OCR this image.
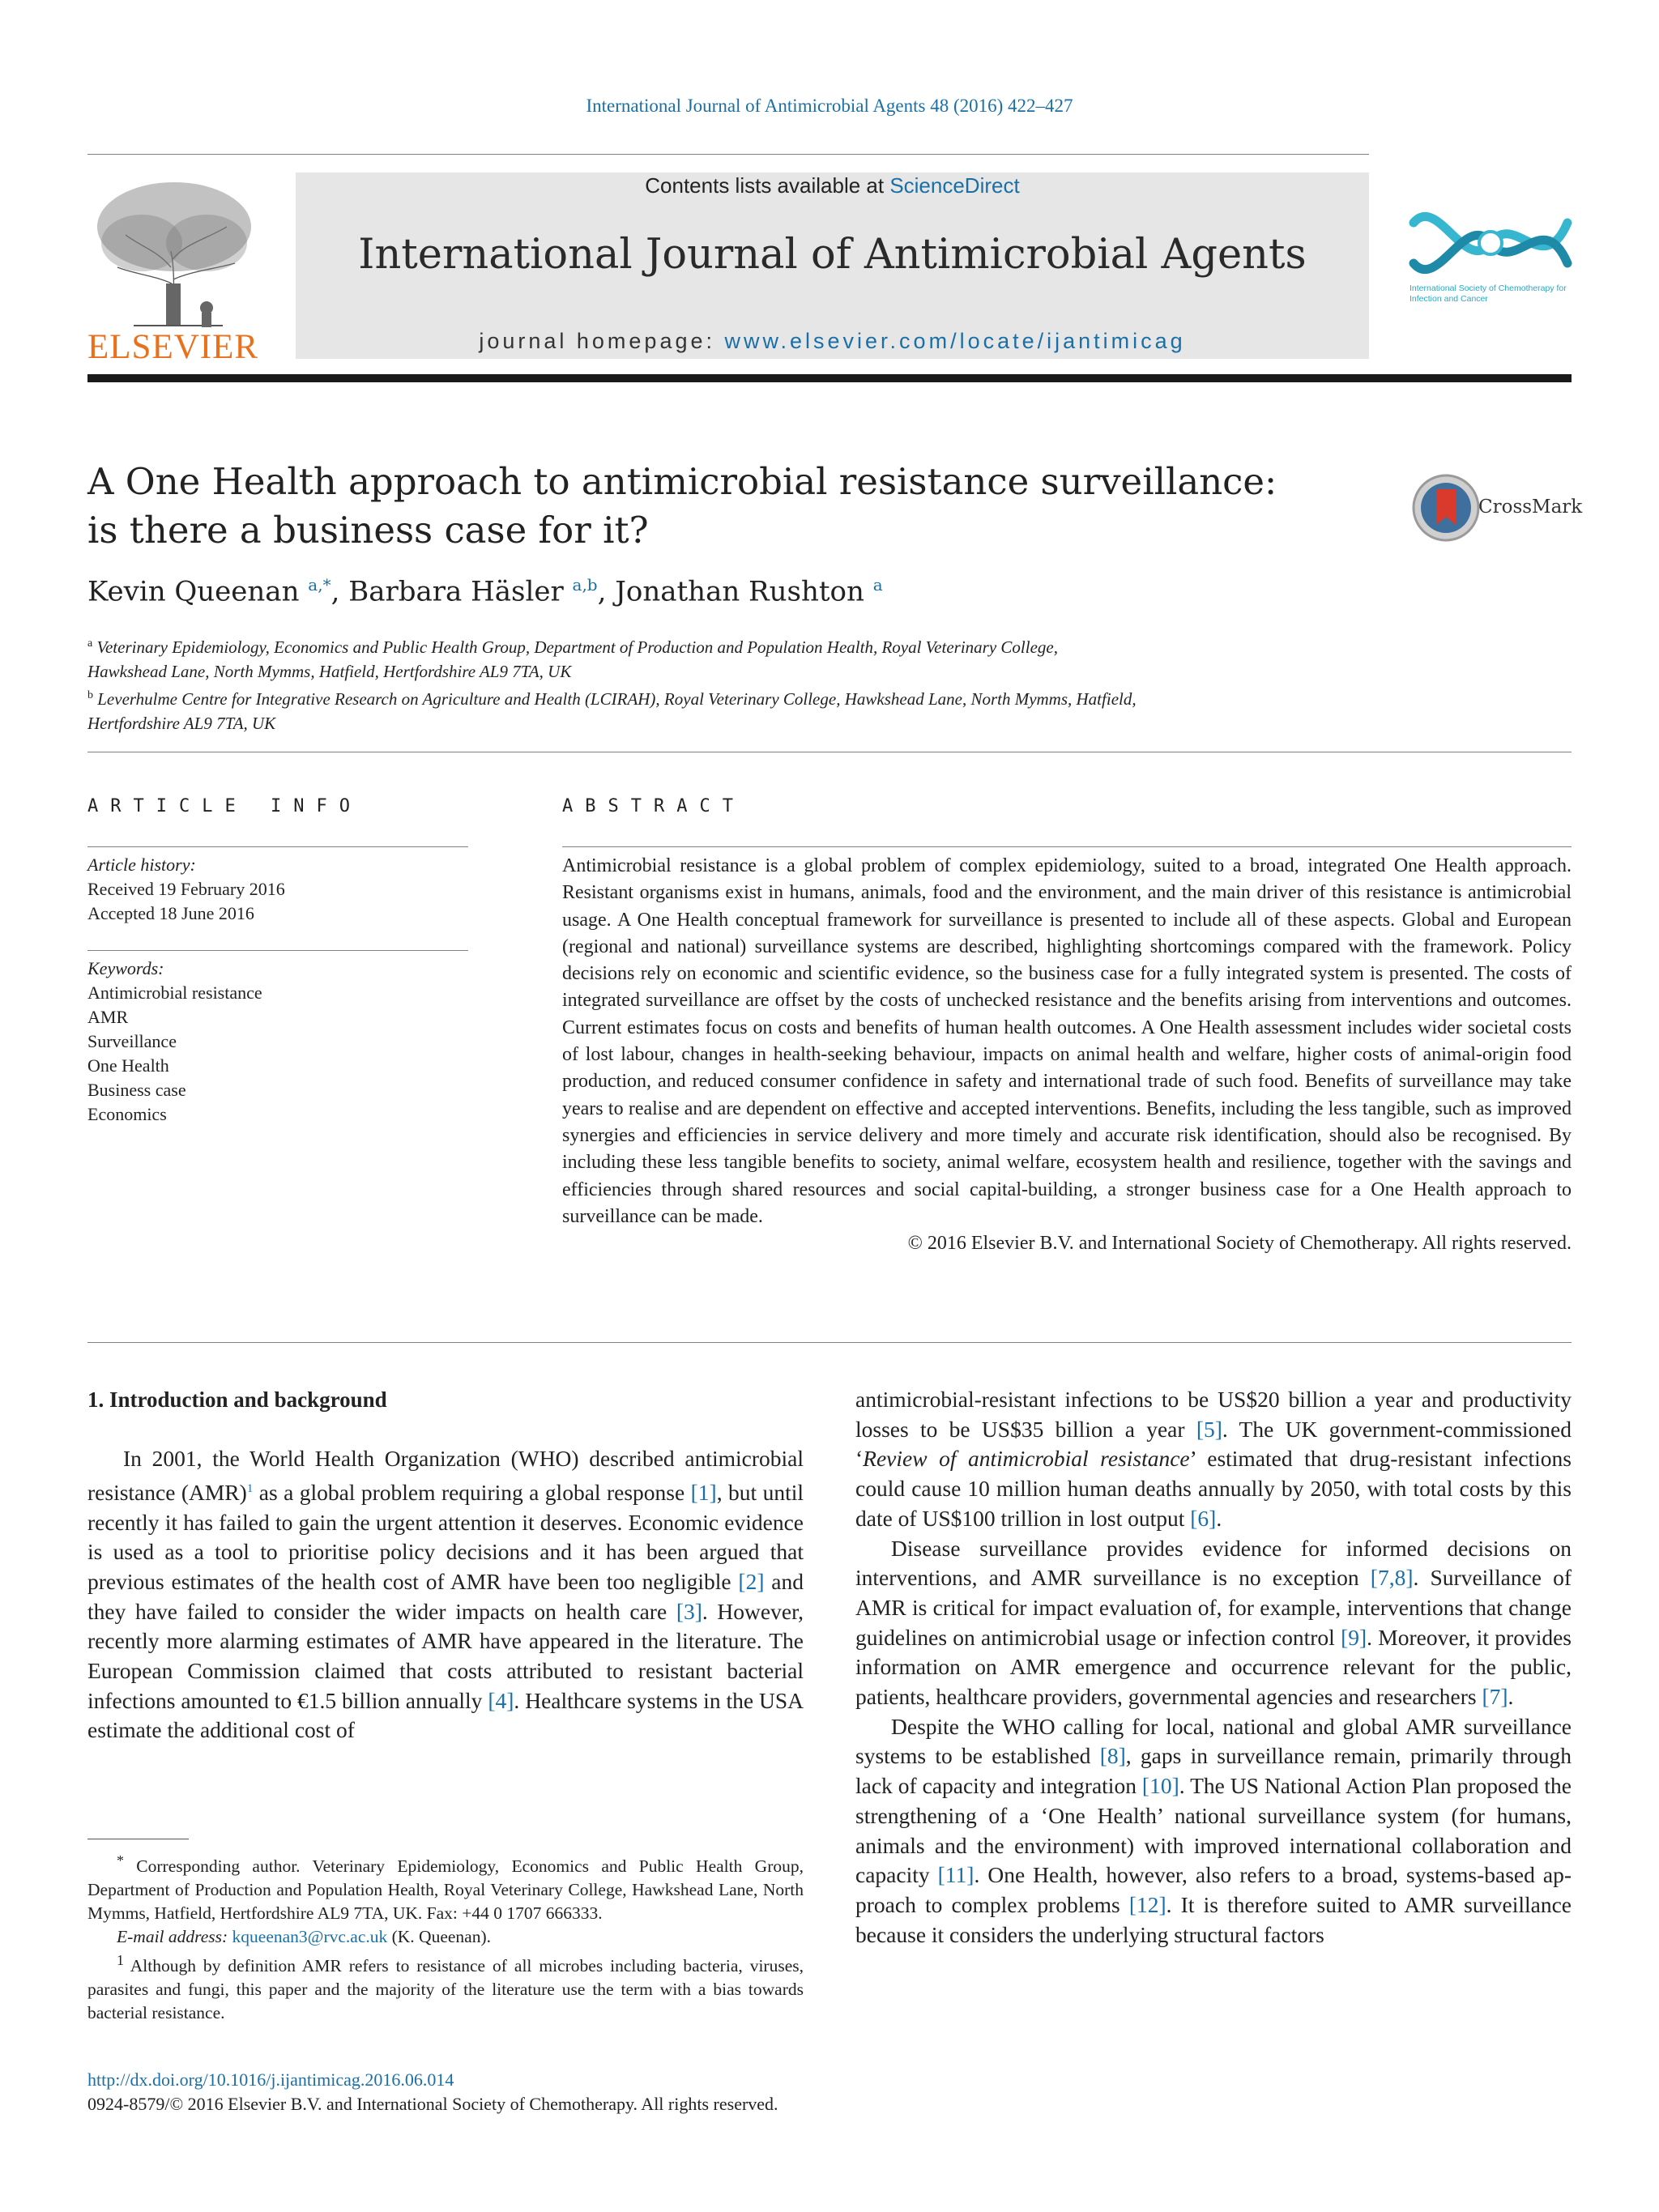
International Journal of Antimicrobial Agents 48 (2016) 422–427
ELSEVIER
Contents lists available at ScienceDirect
International Journal of Antimicrobial Agents
journal homepage: www.elsevier.com/locate/ijantimicag
International Society of Chemotherapy for Infection and Cancer
A One Health approach to antimicrobial resistance surveillance:
is there a business case for it?
CrossMark
Kevin Queenan $^{a,*}$, Barbara Häsler $^{a,b}$, Jonathan Rushton $^a$
$^a$ Veterinary Epidemiology, Economics and Public Health Group, Department of Production and Population Health, Royal Veterinary College,
Hawkshead Lane, North Mymms, Hatfield, Hertfordshire AL9 7TA, UK
$^b$ Leverhulme Centre for Integrative Research on Agriculture and Health (LCIRAH), Royal Veterinary College, Hawkshead Lane, North Mymms, Hatfield,
Hertfordshire AL9 7TA, UK
ARTICLE INFO
Article history:
Received 19 February 2016
Accepted 18 June 2016
Keywords:
Antimicrobial resistance
AMR
Surveillance
One Health
Business case
Economics
ABSTRACT
Antimicrobial resistance is a global problem of complex epidemiology, suited to a broad, integrated One Health approach. Resistant organisms exist in humans, animals, food and the environment, and the main driver of this resistance is antimicrobial usage. A One Health conceptual framework for surveillance is presented to include all of these aspects. Global and European (regional and national) surveillance systems are described, highlighting shortcomings compared with the framework. Policy decisions rely on economic and scientific evidence, so the business case for a fully integrated system is presented. The costs of integrated surveillance are offset by the costs of unchecked resistance and the benefits arising from interventions and outcomes. Current estimates focus on costs and benefits of human health outcomes. A One Health assessment includes wider societal costs of lost labour, changes in health-seeking behaviour, impacts on animal health and welfare, higher costs of animal-origin food production, and reduced consumer confidence in safety and international trade of such food. Benefits of surveillance may take years to realise and are dependent on effective and accepted interventions. Benefits, including the less tangible, such as improved synergies and efficiencies in service delivery and more timely and accurate risk identification, should also be recognised. By including these less tangible benefits to society, animal welfare, ecosystem health and resilience, together with the savings and efficiencies through shared resources and social capital-building, a stronger business case for a One Health approach to surveillance can be made.
© 2016 Elsevier B.V. and International Society of Chemotherapy. All rights reserved.
1. Introduction and background

In 2001, the World Health Organization (WHO) described antimicrobial resistance (AMR)$^1$ as a global problem requiring a global response [1], but until recently it has failed to gain the urgent attention it deserves. Economic evidence is used as a tool to prioritise policy decisions and it has been argued that previous estimates of the health cost of AMR have been too negligible [2] and they have failed to consider the wider impacts on health care [3]. However, recently more alarming estimates of AMR have appeared in the literature. The European Commission claimed that costs attributed to resistant bacterial infections amounted to €1.5 billion annually [4]. Healthcare systems in the USA estimate the additional cost of

* Corresponding author. Veterinary Epidemiology, Economics and Public Health Group, Department of Production and Population Health, Royal Veterinary College, Hawkshead Lane, North Mymms, Hatfield, Hertfordshire AL9 7TA, UK. Fax: +44 0 1707 666333.

E-mail address: kqueenan3@rvc.ac.uk (K. Queenan).

$^1$ Although by definition AMR refers to resistance of all microbes including bacteria, viruses, parasites and fungi, this paper and the majority of the literature use the term with a bias towards bacterial resistance.

antimicrobial-resistant infections to be US$20 billion a year and productivity losses to be US$35 billion a year [5]. The UK government-commissioned ‘Review of antimicrobial resistance’ estimated that drug-resistant infections could cause 10 million human deaths annually by 2050, with total costs by this date of US$100 trillion in lost output [6].

Disease surveillance provides evidence for informed decisions on interventions, and AMR surveillance is no exception [7,8]. Surveillance of AMR is critical for impact evaluation of, for example, interventions that change guidelines on antimicrobial usage or infection control [9]. Moreover, it provides information on AMR emergence and occurrence relevant for the public, patients, healthcare providers, governmental agencies and researchers [7].

Despite the WHO calling for local, national and global AMR surveillance systems to be established [8], gaps in surveillance remain, primarily through lack of capacity and integration [10]. The US National Action Plan proposed the strengthening of a ‘One Health’ national surveillance system (for humans, animals and the environment) with improved international collaboration and capacity [11]. One Health, however, also refers to a broad, systems-based approach to complex problems [12]. It is therefore suited to AMR surveillance because it considers the underlying structural factors

http://dx.doi.org/10.1016/j.ijantimicag.2016.06.014
0924-8579/© 2016 Elsevier B.V. and International Society of Chemotherapy. All rights reserved.
